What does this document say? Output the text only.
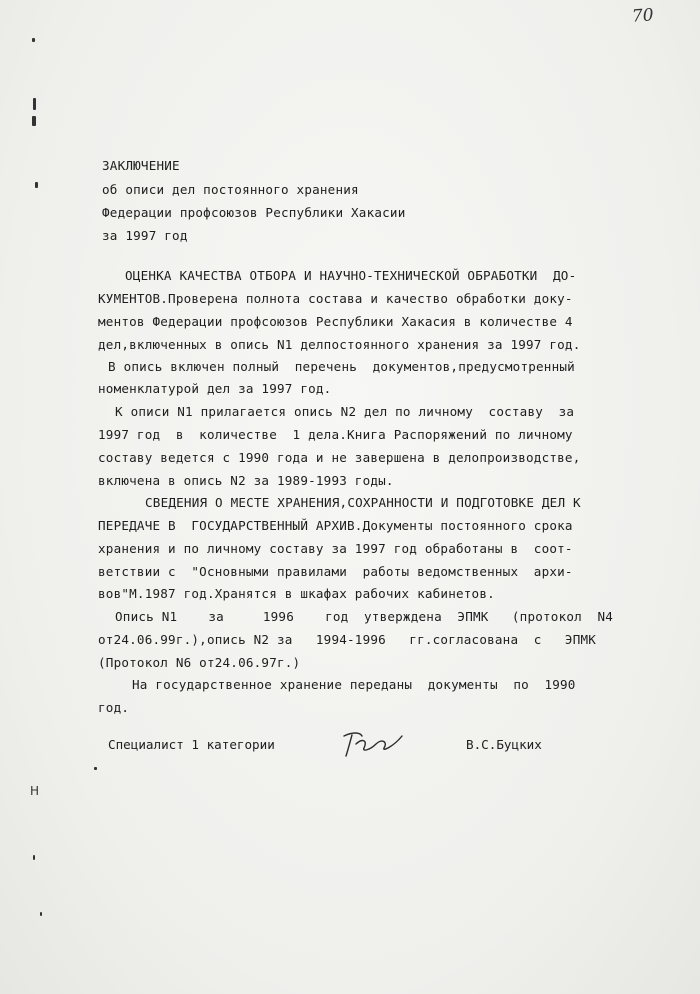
70
ЗАКЛЮЧЕНИЕ
об описи дел постоянного хранения
Федерации профсоюзов Республики Хакасии
за 1997 год
ОЦЕНКА КАЧЕСТВА ОТБОРА И НАУЧНО-ТЕХНИЧЕСКОЙ ОБРАБОТКИ  ДО-
КУМЕНТОВ.Проверена полнота состава и качество обработки доку-
ментов Федерации профсоюзов Республики Хакасия в количестве 4
дел,включенных в опись N1 делпостоянного хранения за 1997 год.
В опись включен полный  перечень  документов,предусмотренный
номенклатурой дел за 1997 год.
К описи N1 прилагается опись N2 дел по личному  составу  за
1997 год  в  количестве  1 дела.Книга Распоряжений по личному
составу ведется с 1990 года и не завершена в делопроизводстве,
включена в опись N2 за 1989-1993 годы.
СВЕДЕНИЯ О МЕСТЕ ХРАНЕНИЯ,СОХРАННОСТИ И ПОДГОТОВКЕ ДЕЛ К
ПЕРЕДАЧЕ В  ГОСУДАРСТВЕННЫЙ АРХИВ.Документы постоянного срока
хранения и по личному составу за 1997 год обработаны в  соот-
ветствии с  "Основными правилами  работы ведомственных  архи-
вов"М.1987 год.Хранятся в шкафах рабочих кабинетов.
Опись N1    за     1996    год  утверждена  ЭПМК   (протокол  N4
от24.06.99г.),опись N2 за   1994-1996   гг.согласована  с   ЭПМК
(Протокол N6 от24.06.97г.)
На государственное хранение переданы  документы  по  1990
год.
Специалист 1 категории	В.С.Буцких
Н
